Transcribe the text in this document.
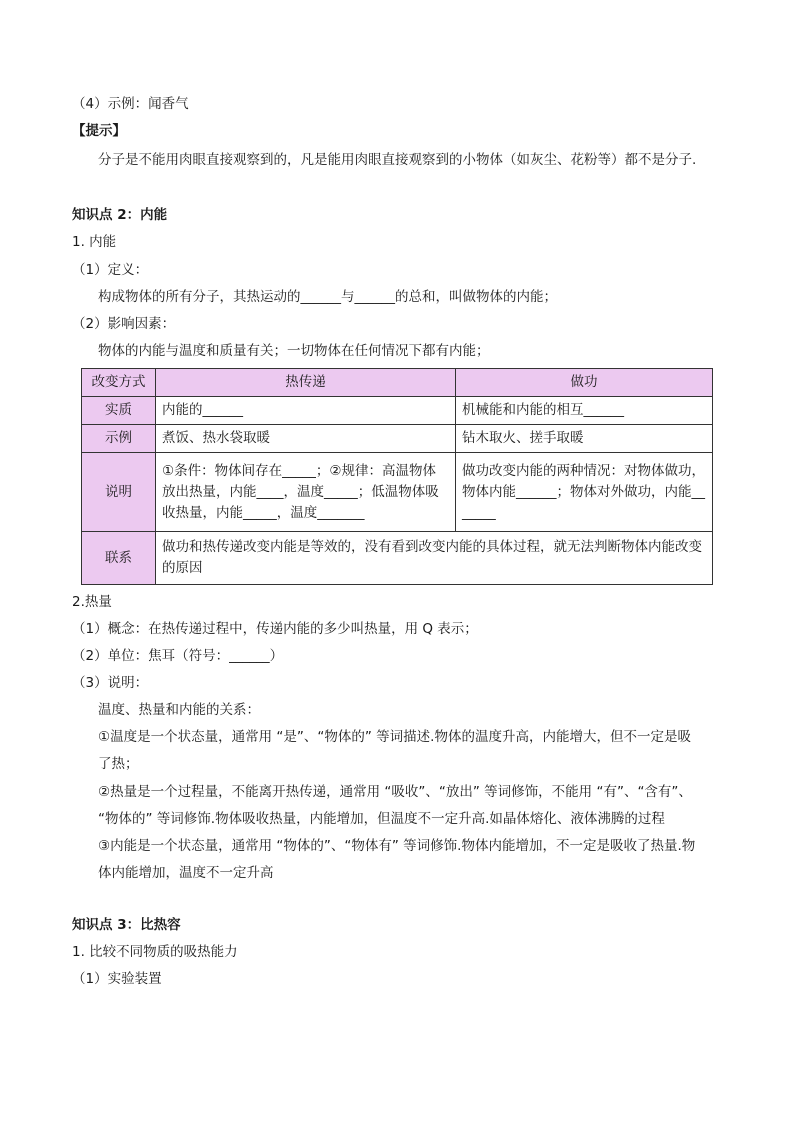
（4）示例：闻香气
【提示】
分子是不能用肉眼直接观察到的，凡是能用肉眼直接观察到的小物体（如灰尘、花粉等）都不是分子.
知识点 2：内能
1. 内能
（1）定义：
构成物体的所有分子，其热运动的______与______的总和，叫做物体的内能；
（2）影响因素：
物体的内能与温度和质量有关；一切物体在任何情况下都有内能；
改变方式	热传递	做功
实质	内能的______	机械能和内能的相互______
示例	煮饭、热水袋取暖	钻木取火、搓手取暖
说明	①条件：物体间存在_____；②规律：高温物体放出热量，内能____，温度_____；低温物体吸收热量，内能_____，温度_______	做功改变内能的两种情况：对物体做功，物体内能______；物体对外做功，内能_______
联系	做功和热传递改变内能是等效的，没有看到改变内能的具体过程，就无法判断物体内能改变的原因	
2.热量
（1）概念：在热传递过程中，传递内能的多少叫热量，用 Q 表示；
（2）单位：焦耳（符号：______）
（3）说明：
温度、热量和内能的关系：
①温度是一个状态量，通常用 “是”、“物体的” 等词描述.物体的温度升高，内能增大，但不一定是吸
了热；
②热量是一个过程量，不能离开热传递，通常用 “吸收”、“放出” 等词修饰，不能用 “有”、“含有”、
“物体的” 等词修饰.物体吸收热量，内能增加，但温度不一定升高.如晶体熔化、液体沸腾的过程
③内能是一个状态量，通常用 “物体的”、“物体有” 等词修饰.物体内能增加，不一定是吸收了热量.物
体内能增加，温度不一定升高
知识点 3：比热容
1. 比较不同物质的吸热能力
（1）实验装置
